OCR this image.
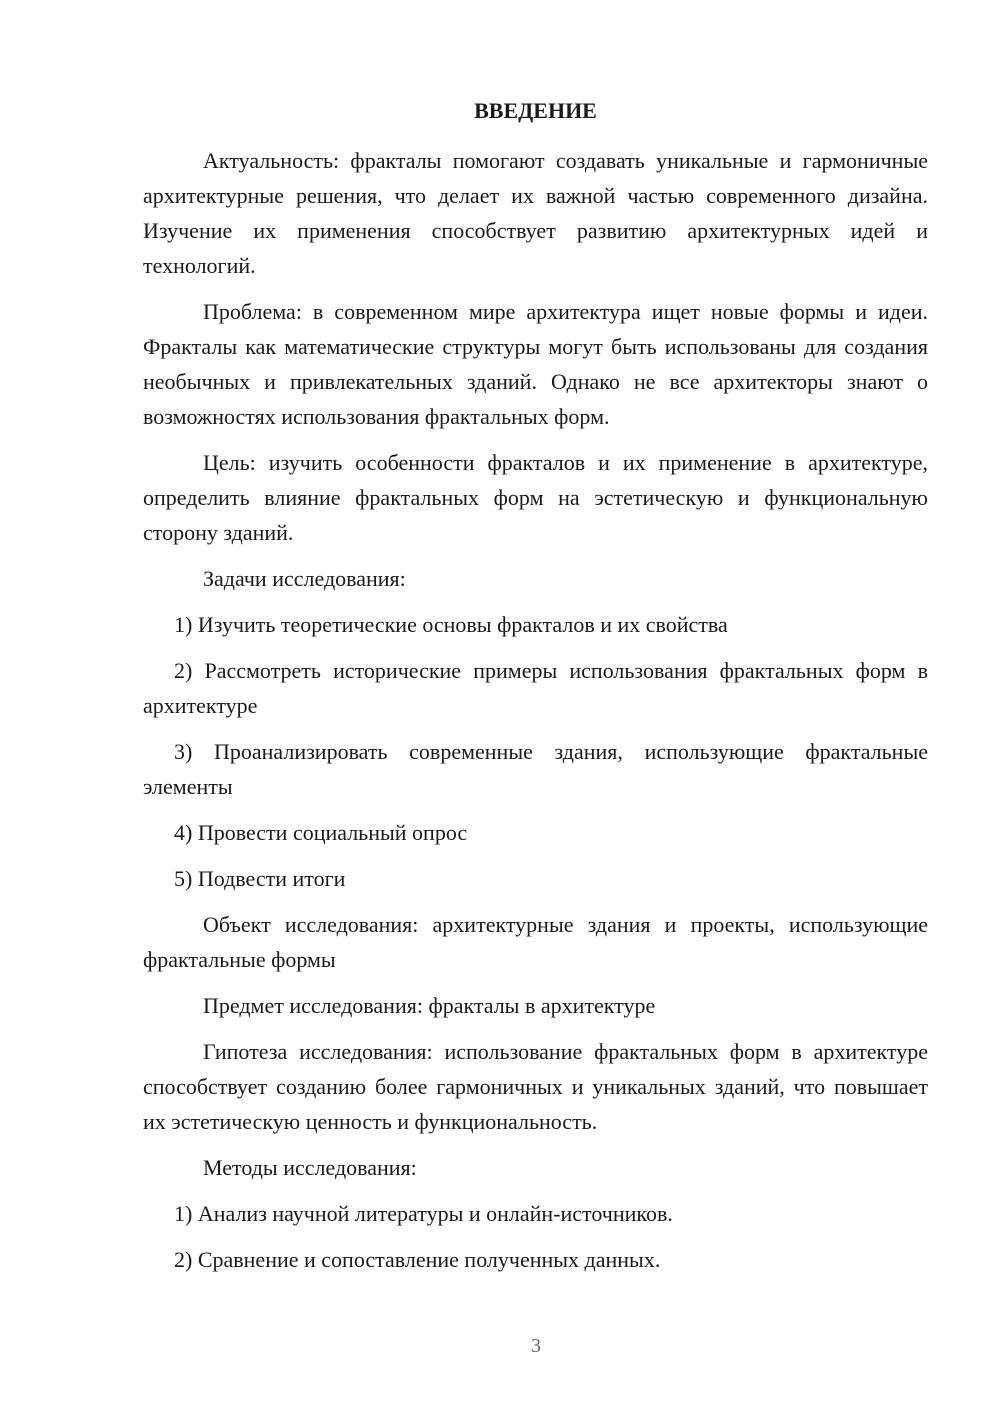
ВВЕДЕНИЕ

Актуальность: фракталы помогают создавать уникальные и гармоничные архитектурные решения, что делает их важной частью современного дизайна. Изучение их применения способствует развитию архитектурных идей и технологий.

Проблема: в современном мире архитектура ищет новые формы и идеи. Фракталы как математические структуры могут быть использованы для создания необычных и привлекательных зданий. Однако не все архитекторы знают о возможностях использования фрактальных форм.

Цель: изучить особенности фракталов и их применение в архитектуре, определить влияние фрактальных форм на эстетическую и функциональную сторону зданий.

Задачи исследования:

1) Изучить теоретические основы фракталов и их свойства

2) Рассмотреть исторические примеры использования фрактальных форм в архитектуре

3) Проанализировать современные здания, использующие фрактальные элементы

4) Провести социальный опрос

5) Подвести итоги

Объект исследования: архитектурные здания и проекты, использующие фрактальные формы

Предмет исследования: фракталы в архитектуре

Гипотеза исследования: использование фрактальных форм в архитектуре способствует созданию более гармоничных и уникальных зданий, что повышает их эстетическую ценность и функциональность.

Методы исследования:

1) Анализ научной литературы и онлайн-источников.

2) Сравнение и сопоставление полученных данных.

3
